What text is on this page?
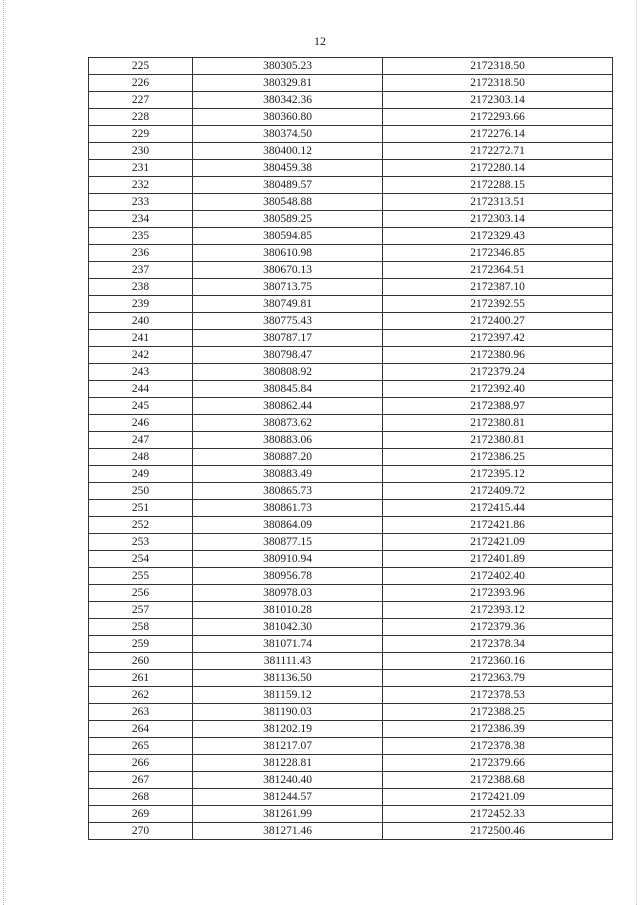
12
225	380305.23	2172318.50
226	380329.81	2172318.50
227	380342.36	2172303.14
228	380360.80	2172293.66
229	380374.50	2172276.14
230	380400.12	2172272.71
231	380459.38	2172280.14
232	380489.57	2172288.15
233	380548.88	2172313.51
234	380589.25	2172303.14
235	380594.85	2172329.43
236	380610.98	2172346.85
237	380670.13	2172364.51
238	380713.75	2172387.10
239	380749.81	2172392.55
240	380775.43	2172400.27
241	380787.17	2172397.42
242	380798.47	2172380.96
243	380808.92	2172379.24
244	380845.84	2172392.40
245	380862.44	2172388.97
246	380873.62	2172380.81
247	380883.06	2172380.81
248	380887.20	2172386.25
249	380883.49	2172395.12
250	380865.73	2172409.72
251	380861.73	2172415.44
252	380864.09	2172421.86
253	380877.15	2172421.09
254	380910.94	2172401.89
255	380956.78	2172402.40
256	380978.03	2172393.96
257	381010.28	2172393.12
258	381042.30	2172379.36
259	381071.74	2172378.34
260	381111.43	2172360.16
261	381136.50	2172363.79
262	381159.12	2172378.53
263	381190.03	2172388.25
264	381202.19	2172386.39
265	381217.07	2172378.38
266	381228.81	2172379.66
267	381240.40	2172388.68
268	381244.57	2172421.09
269	381261.99	2172452.33
270	381271.46	2172500.46
